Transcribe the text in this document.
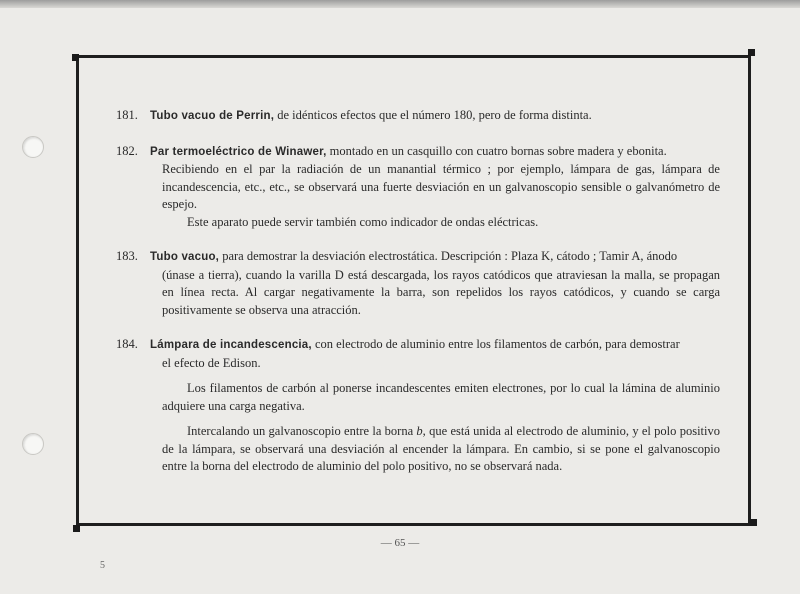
181.	Tubo vacuo de Perrin, de idénticos efectos que el número 180, pero de forma distinta.

182.	Par termoeléctrico de Winawer, montado en un casquillo con cuatro bornas sobre madera y ebonita.

Recibiendo en el par la radiación de un manantial térmico ; por ejemplo, lámpara de gas, lámpara de incandescencia, etc., etc., se observará una fuerte desviación en un galvanoscopio sensible o galvanómetro de espejo.

Este aparato puede servir también como indicador de ondas eléctricas.

183.	Tubo vacuo, para demostrar la desviación electrostática. Descripción : Plaza K, cátodo ; Tamir A, ánodo

(únase a tierra), cuando la varilla D está descargada, los rayos catódicos que atraviesan la malla, se propagan en línea recta. Al cargar negativamente la barra, son repelidos los rayos catódicos, y cuando se carga positivamente se observa una atracción.

184.	Lámpara de incandescencia, con electrodo de aluminio entre los filamentos de carbón, para demostrar

el efecto de Edison.

Los filamentos de carbón al ponerse incandescentes emiten electrones, por lo cual la lámina de aluminio adquiere una carga negativa.

Intercalando un galvanoscopio entre la borna b, que está unida al electrodo de aluminio, y el polo positivo de la lámpara, se observará una desviación al encender la lámpara. En cambio, si se pone el galvanoscopio entre la borna del electrodo de aluminio del polo positivo, no se observará nada.

— 65 —
5
